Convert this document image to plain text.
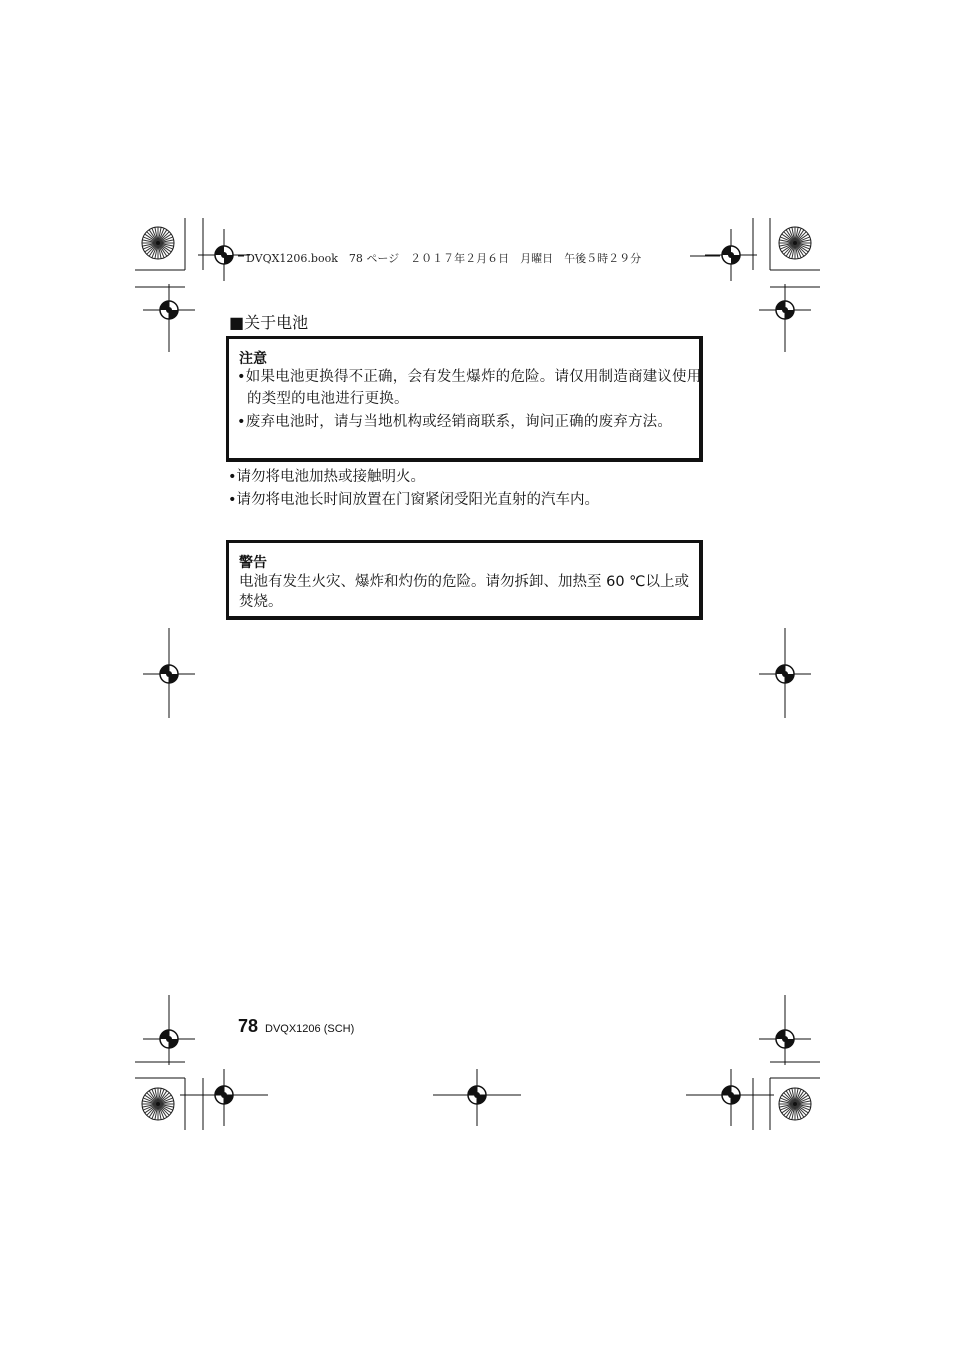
DVQX1206.book　78 ページ　２０１７年２月６日　月曜日　午後５時２９分
■关于电池
注意
•如果电池更换得不正确，会有发生爆炸的危险。请仅用制造商建议使用的类型的电池进行更换。
•废弃电池时，请与当地机构或经销商联系，询问正确的废弃方法。
•请勿将电池加热或接触明火。
•请勿将电池长时间放置在门窗紧闭受阳光直射的汽车内。
警告
电池有发生火灾、爆炸和灼伤的危险。请勿拆卸、加热至 60 ℃以上或焚烧。
78 DVQX1206 (SCH)
